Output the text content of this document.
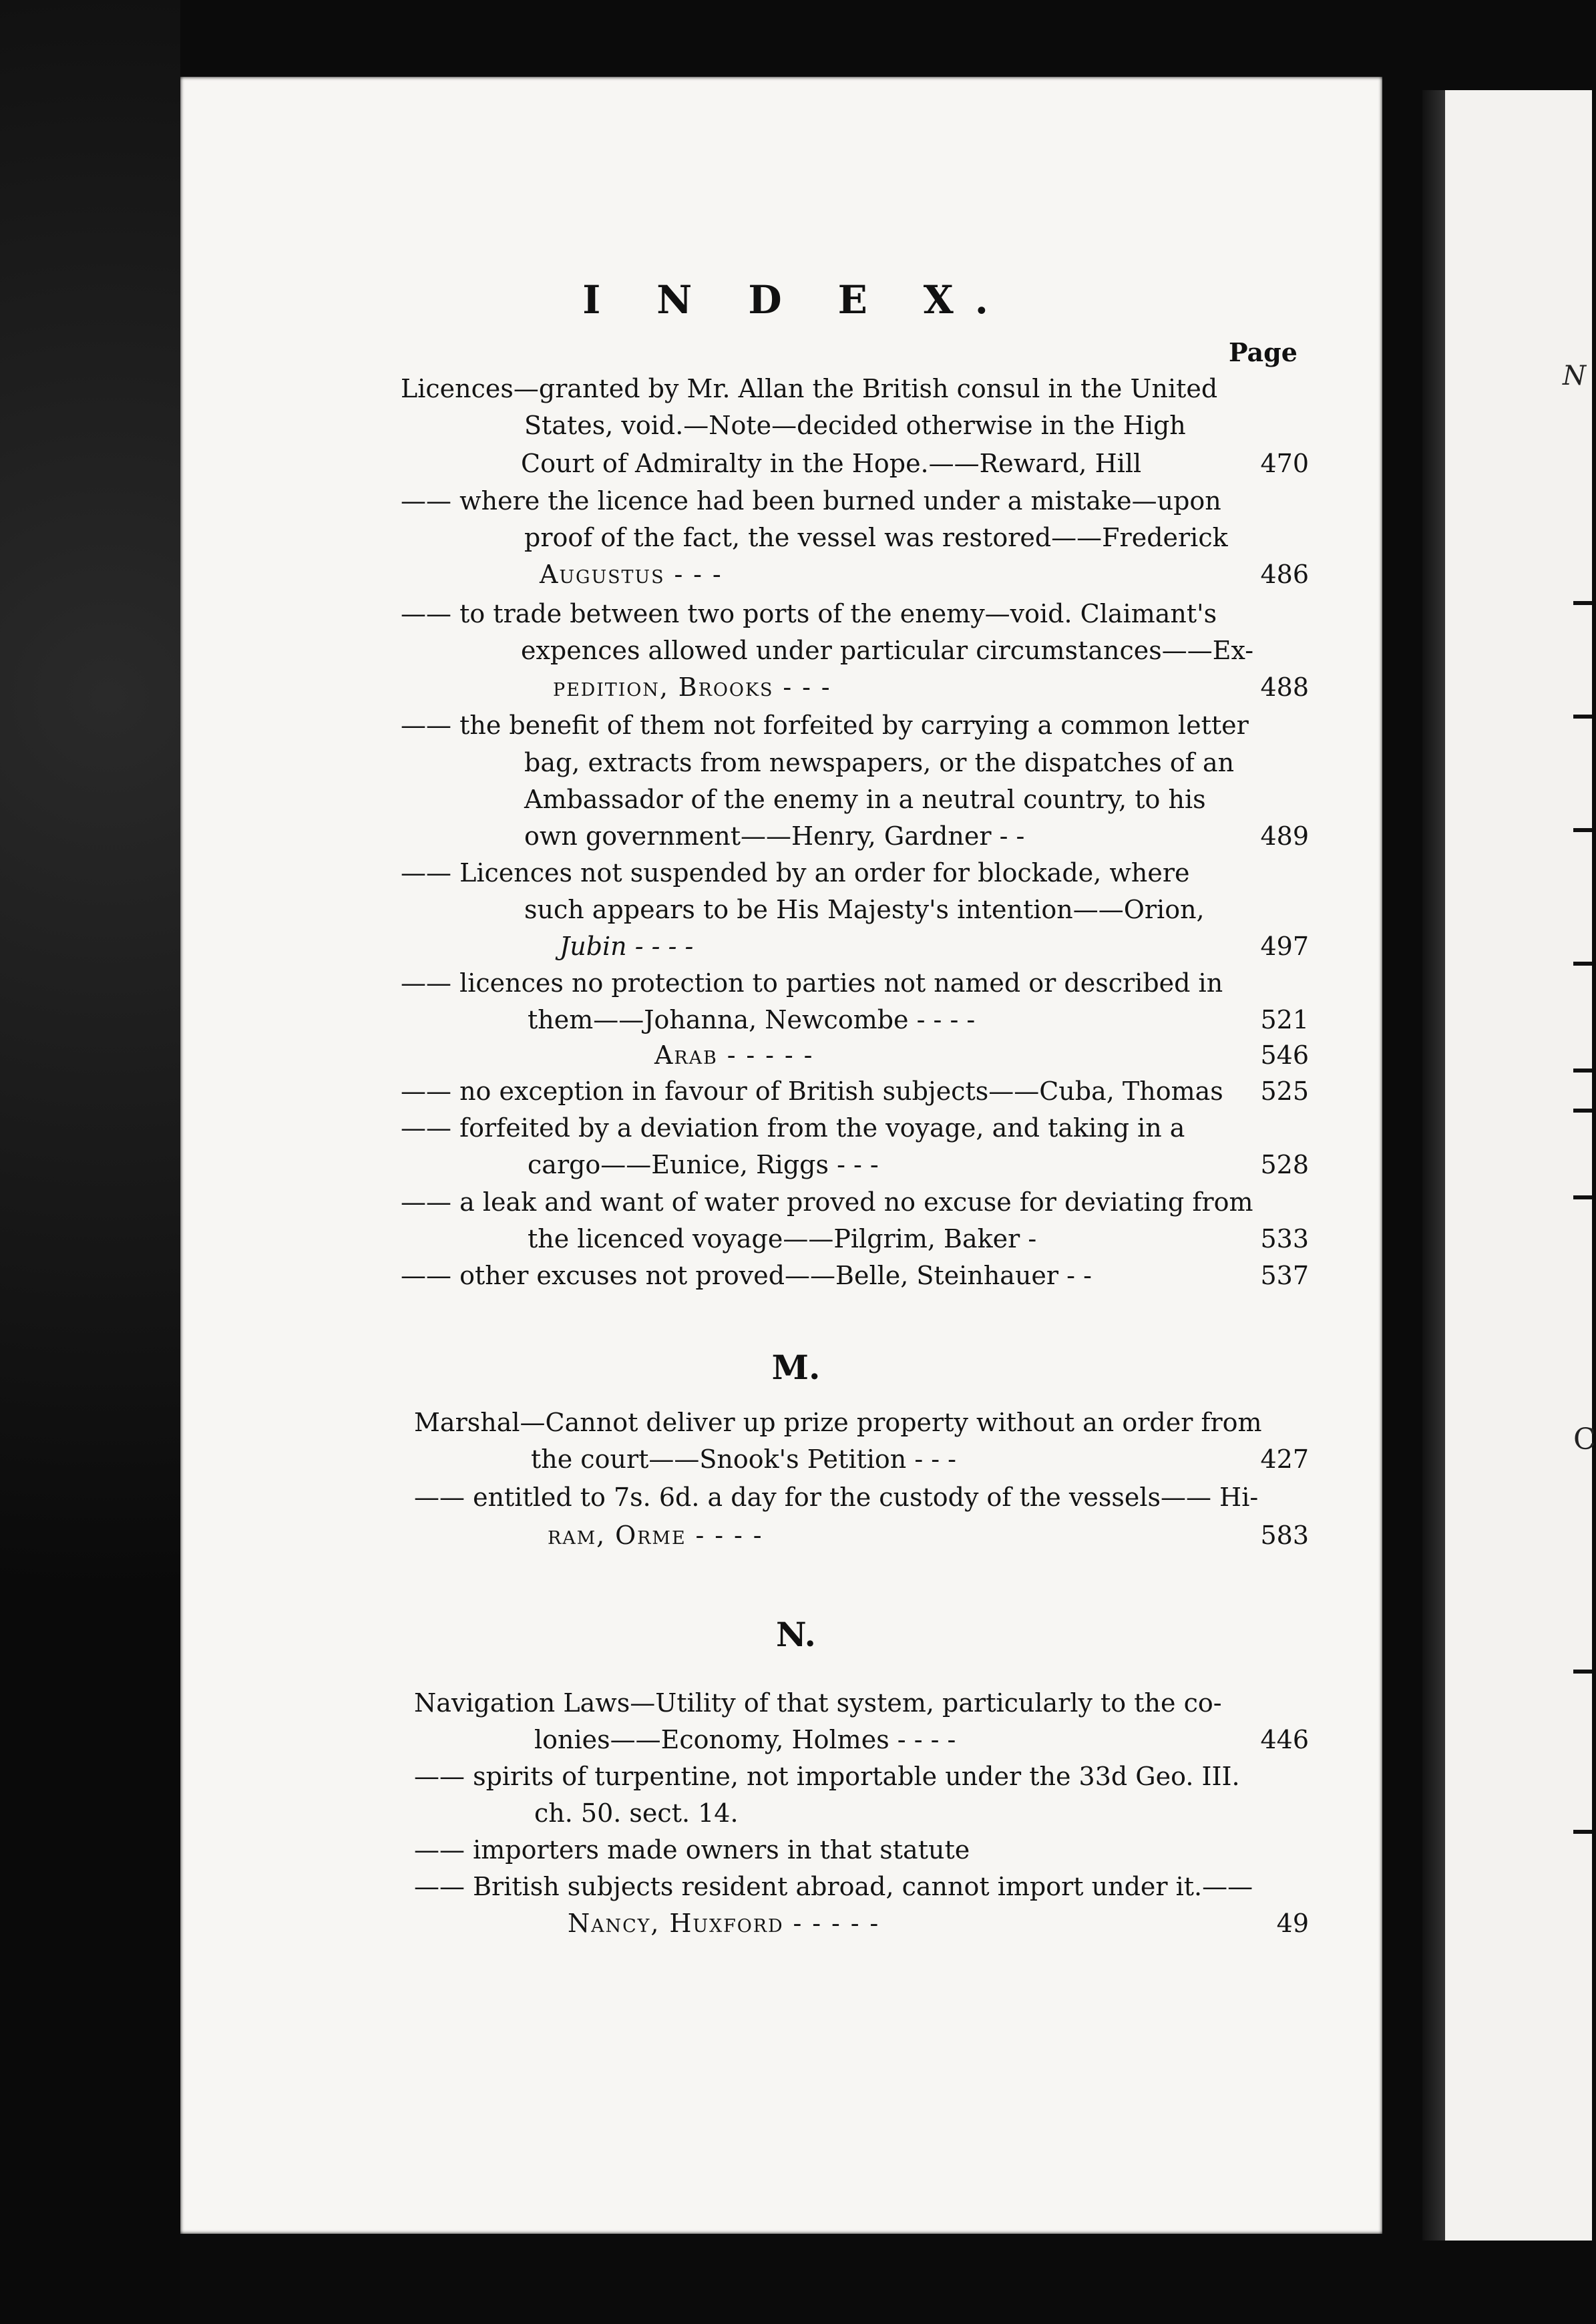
N
C
I N D E X.
Page
Licences—granted by Mr. Allan the British consul in the United
States, void.—Note—decided otherwise in the High
Court of Admiralty in the Hope.——Reward, Hill	470
—— where the licence had been burned under a mistake—upon
proof of the fact, the vessel was restored——Frederick
Augustus - - -	486
—— to trade between two ports of the enemy—void. Claimant's
expences allowed under particular circumstances——Ex-
pedition, Brooks - - -	488
—— the benefit of them not forfeited by carrying a common letter
bag, extracts from newspapers, or the dispatches of an
Ambassador of the enemy in a neutral country, to his
own government——Henry, Gardner - -	489
—— Licences not suspended by an order for blockade, where
such appears to be His Majesty's intention——Orion,
Jubin - - - -	497
—— licences no protection to parties not named or described in
them——Johanna, Newcombe - - - -	521
Arab - - - - -	546
—— no exception in favour of British subjects——Cuba, Thomas	525
—— forfeited by a deviation from the voyage, and taking in a
cargo——Eunice, Riggs - - -	528
—— a leak and want of water proved no excuse for deviating from
the licenced voyage——Pilgrim, Baker -	533
—— other excuses not proved——Belle, Steinhauer - -	537
M.
Marshal—Cannot deliver up prize property without an order from
the court——Snook's Petition - - -	427
—— entitled to 7s. 6d. a day for the custody of the vessels—— Hi-
ram, Orme - - - -	583
N.
Navigation Laws—Utility of that system, particularly to the co-
lonies——Economy, Holmes - - - -	446
—— spirits of turpentine, not importable under the 33d Geo. III.
ch. 50. sect. 14.
—— importers made owners in that statute
—— British subjects resident abroad, cannot import under it.——
Nancy, Huxford - - - - -	49
